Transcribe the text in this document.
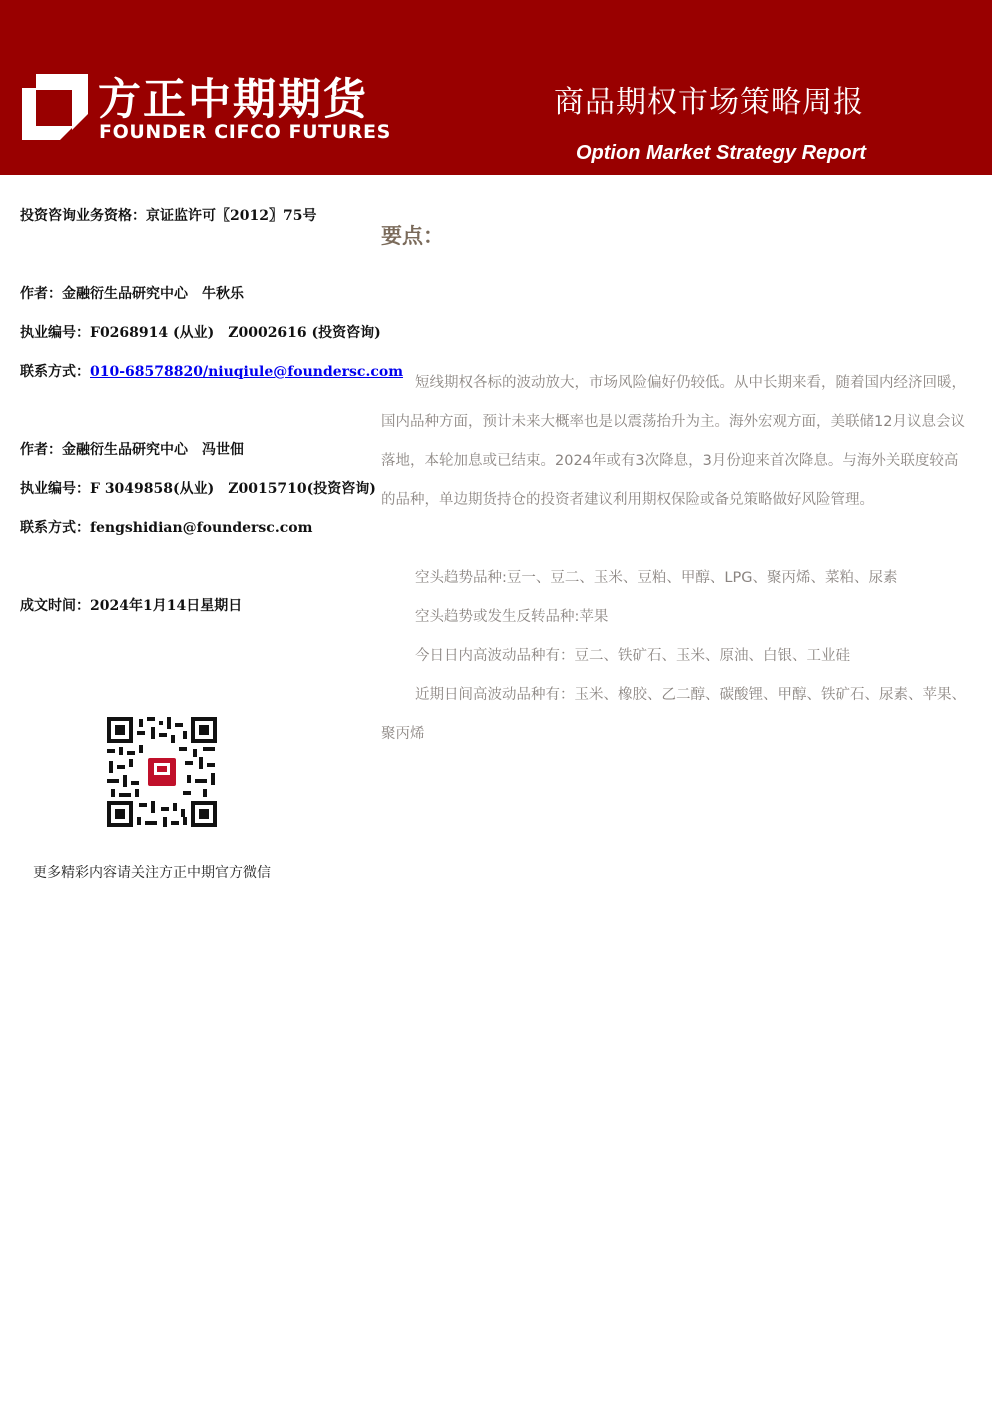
方正中期期货
FOUNDER CIFCO FUTURES
商品期权市场策略周报
Option Market Strategy Report
投资咨询业务资格：京证监许可〖2012〗75号
作者：金融衍生品研究中心　牛秋乐
执业编号：F0268914 (从业)　Z0002616 (投资咨询)
联系方式：010-68578820/niuqiule@foundersc.com
作者：金融衍生品研究中心　冯世佃
执业编号：F 3049858(从业)　Z0015710(投资咨询)
联系方式：fengshidian@foundersc.com
成文时间：2024年1月14日星期日
更多精彩内容请关注方正中期官方微信
要点：
短线期权各标的波动放大，市场风险偏好仍较低。从中长期来看，随着国内经济回暖，国内品种方面，预计未来大概率也是以震荡抬升为主。海外宏观方面，美联储12月议息会议落地，本轮加息或已结束。2024年或有3次降息，3月份迎来首次降息。与海外关联度较高的品种，单边期货持仓的投资者建议利用期权保险或备兑策略做好风险管理。
空头趋势品种:豆一、豆二、玉米、豆粕、甲醇、LPG、聚丙烯、菜粕、尿素
空头趋势或发生反转品种:苹果
今日日内高波动品种有：豆二、铁矿石、玉米、原油、白银、工业硅
近期日间高波动品种有：玉米、橡胶、乙二醇、碳酸锂、甲醇、铁矿石、尿素、苹果、聚丙烯
